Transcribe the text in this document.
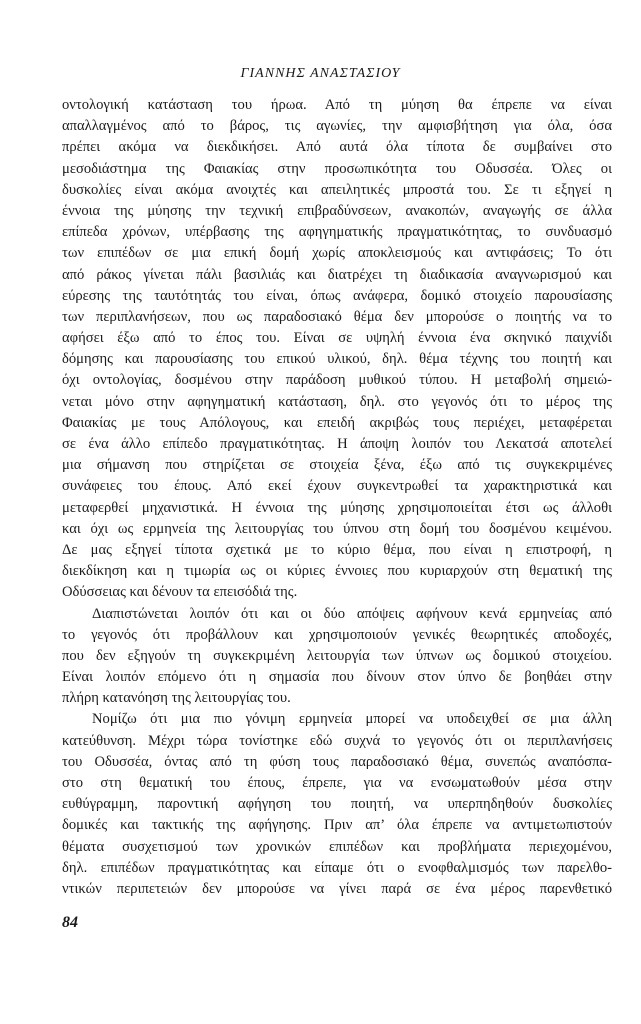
ΓΙΑΝΝΗΣ ΑΝΑΣΤΑΣΙΟΥ
οντολογική κατάσταση του ήρωα. Από τη μύηση θα έπρεπε να είναι
απαλλαγμένος από το βάρος, τις αγωνίες, την αμφισβήτηση για όλα, όσα
πρέπει ακόμα να διεκδικήσει. Από αυτά όλα τίποτα δε συμβαίνει στο
μεσοδιάστημα της Φαιακίας στην προσωπικότητα του Οδυσσέα. Όλες οι
δυσκολίες είναι ακόμα ανοιχτές και απειλητικές μπροστά του. Σε τι εξηγεί η
έννοια της μύησης την τεχνική επιβραδύνσεων, ανακοπών, αναγωγής σε άλλα
επίπεδα χρόνων, υπέρβασης της αφηγηματικής πραγματικότητας, το συνδυασμό
των επιπέδων σε μια επική δομή χωρίς αποκλεισμούς και αντιφάσεις; Το ότι
από ράκος γίνεται πάλι βασιλιάς και διατρέχει τη διαδικασία αναγνωρισμού και
εύρεσης της ταυτότητάς του είναι, όπως ανάφερα, δομικό στοιχείο παρουσίασης
των περιπλανήσεων, που ως παραδοσιακό θέμα δεν μπορούσε ο ποιητής να το
αφήσει έξω από το έπος του. Είναι σε υψηλή έννοια ένα σκηνικό παιχνίδι
δόμησης και παρουσίασης του επικού υλικού, δηλ. θέμα τέχνης του ποιητή και
όχι οντολογίας, δοσμένου στην παράδοση μυθικού τύπου. Η μεταβολή σημειώ-
νεται μόνο στην αφηγηματική κατάσταση, δηλ. στο γεγονός ότι το μέρος της
Φαιακίας με τους Απόλογους, και επειδή ακριβώς τους περιέχει, μεταφέρεται
σε ένα άλλο επίπεδο πραγματικότητας. Η άποψη λοιπόν του Λεκατσά αποτελεί
μια σήμανση που στηρίζεται σε στοιχεία ξένα, έξω από τις συγκεκριμένες
συνάφειες του έπους. Από εκεί έχουν συγκεντρωθεί τα χαρακτηριστικά και
μεταφερθεί μηχανιστικά. Η έννοια της μύησης χρησιμοποιείται έτσι ως άλλοθι
και όχι ως ερμηνεία της λειτουργίας του ύπνου στη δομή του δοσμένου κειμένου.
Δε μας εξηγεί τίποτα σχετικά με το κύριο θέμα, που είναι η επιστροφή, η
διεκδίκηση και η τιμωρία ως οι κύριες έννοιες που κυριαρχούν στη θεματική της
Οδύσσειας και δένουν τα επεισόδιά της.
Διαπιστώνεται λοιπόν ότι και οι δύο απόψεις αφήνουν κενά ερμηνείας από
το γεγονός ότι προβάλλουν και χρησιμοποιούν γενικές θεωρητικές αποδοχές,
που δεν εξηγούν τη συγκεκριμένη λειτουργία των ύπνων ως δομικού στοιχείου.
Είναι λοιπόν επόμενο ότι η σημασία που δίνουν στον ύπνο δε βοηθάει στην
πλήρη κατανόηση της λειτουργίας του.
Νομίζω ότι μια πιο γόνιμη ερμηνεία μπορεί να υποδειχθεί σε μια άλλη
κατεύθυνση. Μέχρι τώρα τονίστηκε εδώ συχνά το γεγονός ότι οι περιπλανήσεις
του Οδυσσέα, όντας από τη φύση τους παραδοσιακό θέμα, συνεπώς αναπόσπα-
στο στη θεματική του έπους, έπρεπε, για να ενσωματωθούν μέσα στην
ευθύγραμμη, παροντική αφήγηση του ποιητή, να υπερπηδηθούν δυσκολίες
δομικές και τακτικής της αφήγησης. Πριν απ’ όλα έπρεπε να αντιμετωπιστούν
θέματα συσχετισμού των χρονικών επιπέδων και προβλήματα περιεχομένου,
δηλ. επιπέδων πραγματικότητας και είπαμε ότι ο ενοφθαλμισμός των παρελθο-
ντικών περιπετειών δεν μπορούσε να γίνει παρά σε ένα μέρος παρενθετικό
84
